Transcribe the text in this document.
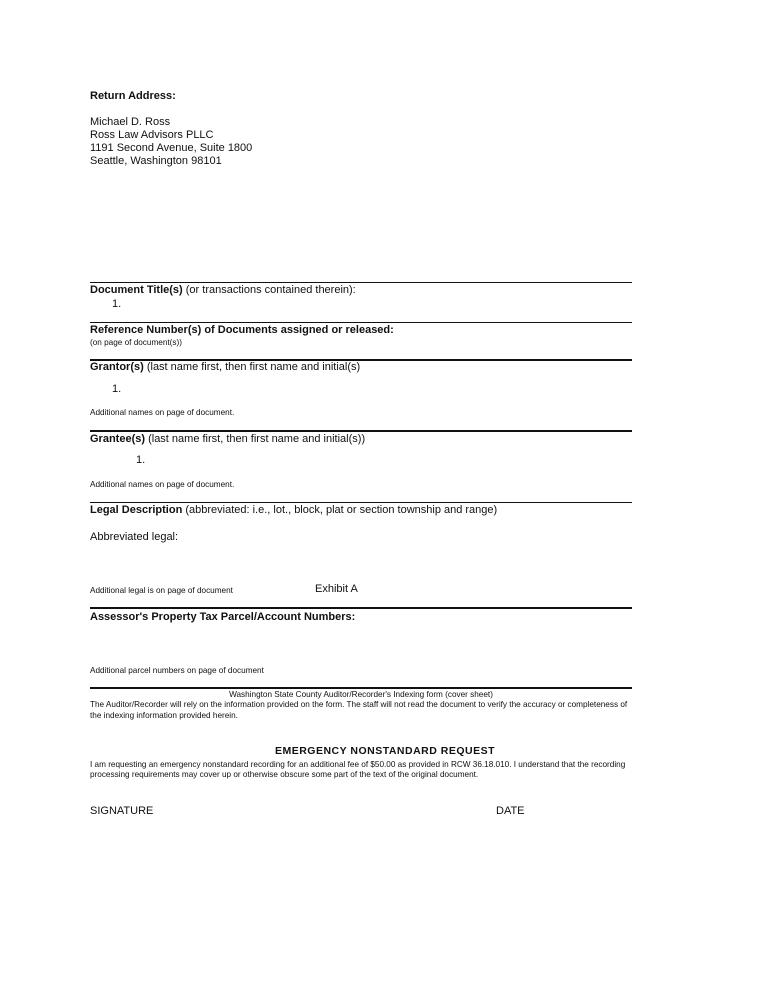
Return Address:
Michael D. Ross
Ross Law Advisors PLLC
1191 Second Avenue, Suite 1800
Seattle, Washington 98101
Document Title(s) (or transactions contained therein):
1.
Reference Number(s) of Documents assigned or released:
(on page of document(s))
Grantor(s) (last name first, then first name and initial(s)
1.
Additional names on page of document.
Grantee(s) (last name first, then first name and initial(s))
1.
Additional names on page of document.
Legal Description (abbreviated: i.e., lot., block, plat or section township and range)
Abbreviated legal:
Additional legal is on page of document	Exhibit A
Assessor's Property Tax Parcel/Account Numbers:
Additional parcel numbers on page of document
Washington State County Auditor/Recorder's Indexing form (cover sheet)
The Auditor/Recorder will rely on the information provided on the form. The staff will not read the document to verify the accuracy or completeness of
the indexing information provided herein.
EMERGENCY NONSTANDARD REQUEST
I am requesting an emergency nonstandard recording for an additional fee of $50.00 as provided in RCW 36.18.010. I understand that the recording
processing requirements may cover up or otherwise obscure some part of the text of the original document.
SIGNATURE	DATE
